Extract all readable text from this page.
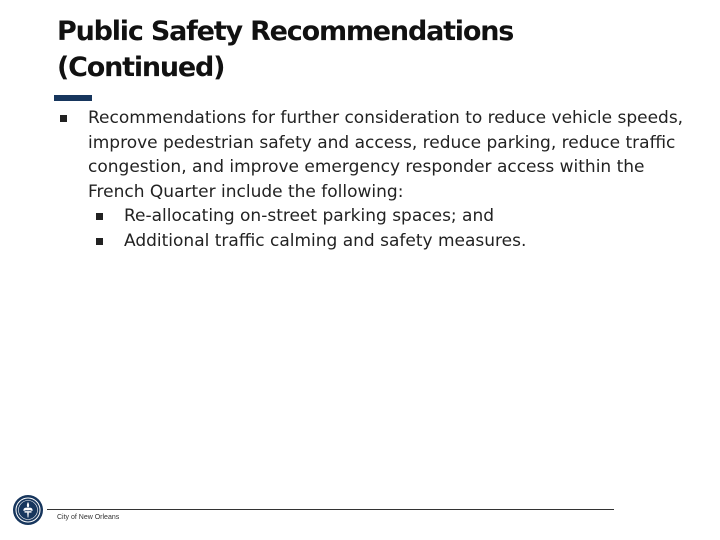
Public Safety Recommendations
(Continued)
Recommendations for further consideration to reduce vehicle speeds, improve pedestrian safety and access, reduce parking, reduce traffic congestion, and improve emergency responder access within the French Quarter include the following:
Re-allocating on-street parking spaces; and
Additional traffic calming and safety measures.
City of New Orleans
